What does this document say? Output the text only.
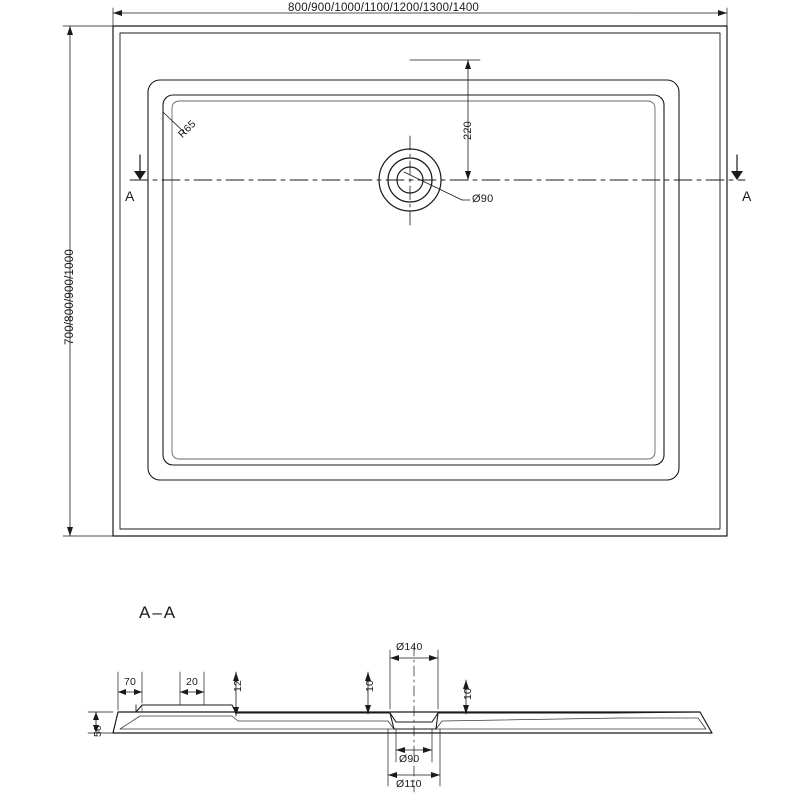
800/900/1000/1100/1200/1300/1400
700/800/900/1000
R65	220
Ø90
A	A
A–A
70	20	12	10
10
50
Ø140
Ø90
Ø110
